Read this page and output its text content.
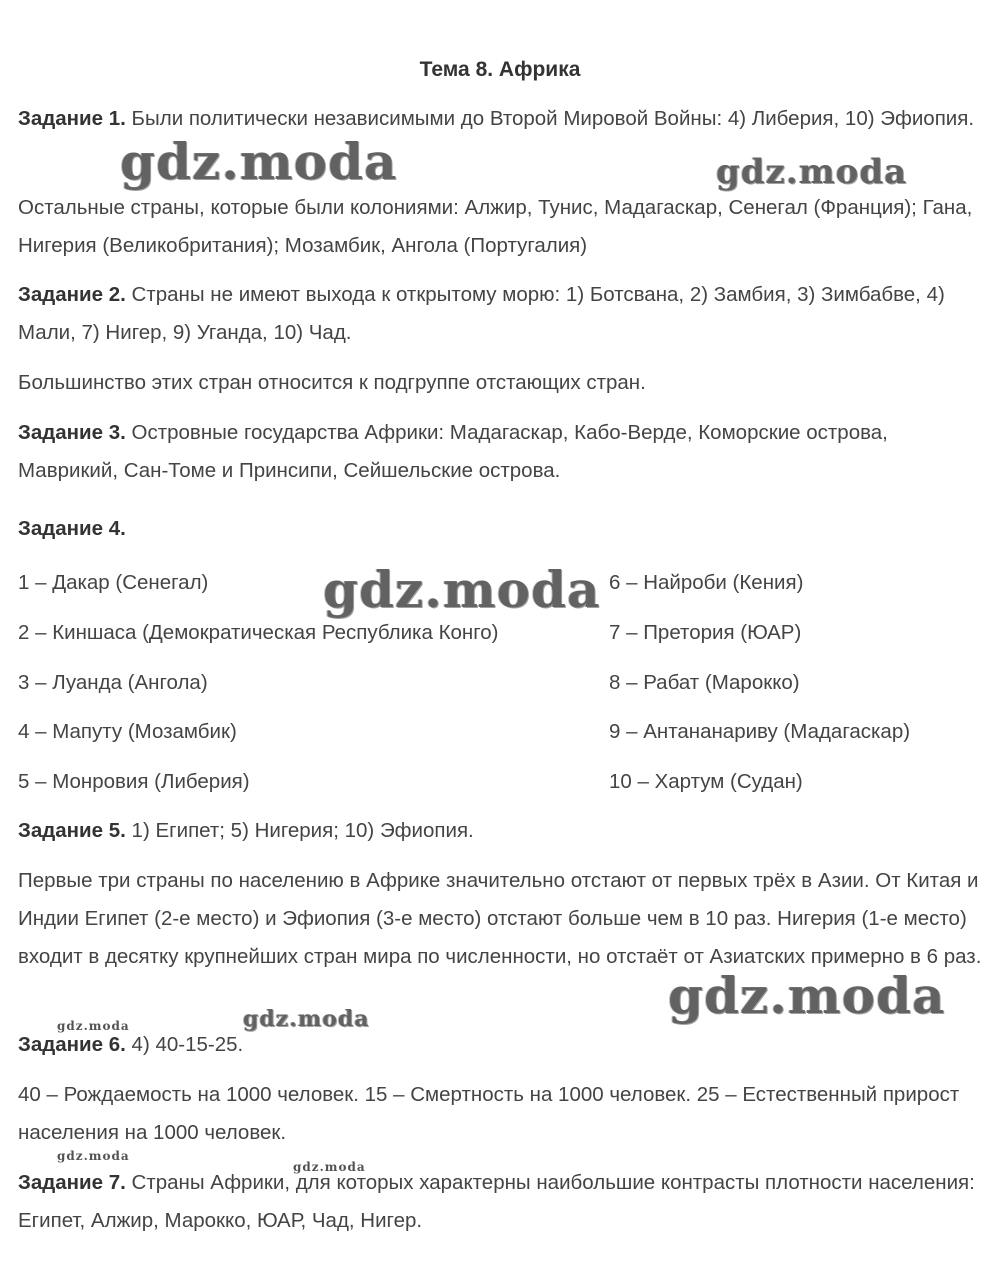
Тема 8. Африка
Задание 1. Были политически независимыми до Второй Мировой Войны: 4) Либерия, 10) Эфиопия.
Остальные страны, которые были колониями: Алжир, Тунис, Мадагаскар, Сенегал (Франция); Гана, Нигерия (Великобритания); Мозамбик, Ангола (Португалия)
Задание 2. Страны не имеют выхода к открытому морю: 1) Ботсвана, 2) Замбия, 3) Зимбабве, 4) Мали, 7) Нигер, 9) Уганда, 10) Чад.
Большинство этих стран относится к подгруппе отстающих стран.
Задание 3. Островные государства Африки: Мадагаскар, Кабо-Верде, Коморские острова, Маврикий, Сан-Томе и Принсипи, Сейшельские острова.
Задание 4.
1 – Дакар (Сенегал)
2 – Киншаса (Демократическая Республика Конго)
3 – Луанда (Ангола)
4 – Мапуту (Мозамбик)
5 – Монровия (Либерия)
6 – Найроби (Кения)
7 – Претория (ЮАР)
8 – Рабат (Марокко)
9 – Антананариву (Мадагаскар)
10 – Хартум (Судан)
Задание 5. 1) Египет; 5) Нигерия; 10) Эфиопия.
Первые три страны по населению в Африке значительно отстают от первых трёх в Азии. От Китая и Индии Египет (2-е место) и Эфиопия (3-е место) отстают больше чем в 10 раз. Нигерия (1-е место) входит в десятку крупнейших стран мира по численности, но отстаёт от Азиатских примерно в 6 раз.
Задание 6. 4) 40-15-25.
40 – Рождаемость на 1000 человек. 15 – Смертность на 1000 человек. 25 – Естественный прирост населения на 1000 человек.
Задание 7. Страны Африки, для которых характерны наибольшие контрасты плотности населения: Египет, Алжир, Марокко, ЮАР, Чад, Нигер.
gdz.moda	gdz.moda
gdz.moda
gdz.moda
gdz.moda
gdz.moda
gdz.moda
gdz.moda
